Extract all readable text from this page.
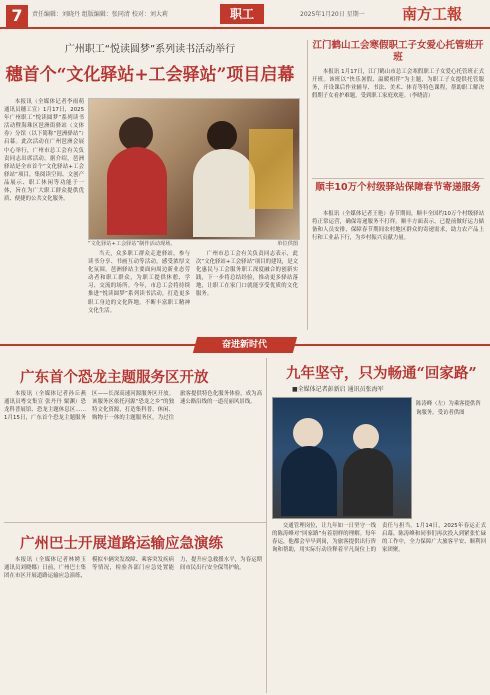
7	责任编辑：刘晓丹 组版编辑：张同清 校对：刘大莉	职工	2025年1月20日 星期一 南方工報
广州职工“悦读圆梦”系列读书活动举行
穗首个“文化驿站+工会驿站”项目启幕

本报讯（全媒体记者李雨萌 通讯员穗工宣）1月17日，2025年广州职工“悦读圆梦”系列读书活动暨海珠区琶洲街驿站（文体券）分馆（以下简称“琶洲驿站”）启幕。此次活动在广州琶洲会展中心举行，广州市总工会有关负责同志出席活动。据介绍，琶洲驿站是全市首个“文化驿站+工会驿站”项目，集阅读空间、文创产品展示、职工休闲等功能于一体，旨在为广大职工群众提供优质、便捷的公共文化服务。

“文化驿站+工会驿站”制作活动现场。	单位供图

当天，众多职工群众走进驿站，参与读书分享、书画互动等活动，感受浓厚文化氛围。琶洲驿站主要面向周边新业态劳动者和职工群众，为职工提供休憩、学习、交流的场所。今年，市总工会将持续推进“悦读圆梦”系列读书活动，打造更多职工身边的文化阵地，不断丰富职工精神文化生活。

广州市总工会有关负责同志表示，此次“文化驿站+工会驿站”项目的建设，是文化惠民与工会服务职工深度融合的创新实践，下一步将总结经验，推动更多驿站落地，让职工在家门口就能享受优质的文化服务。

江门鹤山工会寒假职工子女爱心托管班开班

本报讯 1月17日，江门鹤山市总工会寒假职工子女爱心托管班正式开班。该班以“快乐暑假、温暖相伴”为主题，为职工子女提供托管服务，开设课后作业辅导、书法、美术、体育等特色课程，帮助职工解决假期子女看护难题，受到职工家庭欢迎。（李晓清）

顺丰10万个村级驿站保障春节寄递服务

本报讯（全媒体记者王艳）春节期间，顺丰全国约10万个村级驿站将正常运营，确保寄递服务不打烊。顺丰方面表示，已提前做好运力储备和人员安排，保障春节期间农村地区群众的寄递需求，助力农产品上行和工业品下行，为乡村振兴贡献力量。

奋进新时代
广东首个恐龙主题服务区开放

本报讯（全媒体记者孙丘燕 通讯员粤交集宣 张丹丹 粟渊）恐龙科普展馆、恐龙主题休息区……1月15日，广东首个恐龙主题服务区——长深高速河源服务区开放。该服务区依托河源“恐龙之乡”的独特文化资源，打造集科普、休闲、购物于一体的主题服务区，为过往旅客提供特色化服务体验，成为高速公路沿线的一道亮丽风景线。

广州巴士开展道路运输应急演练

本报讯（全媒体记者林娉玉 通讯员刘晓娜）日前，广州巴士集团在市区开展道路运输应急演练，模拟车辆突发故障、乘客突发疾病等情况，检验各部门应急处置能力，提升应急救援水平，为春运期间市民出行安全保驾护航。

九年坚守，只为畅通“回家路”
■全媒体记者彭新启 通讯员张海军
陈涛峰（左）为乘客提供咨询服务。受访者供图

交通管理岗位，让九年如一日坚守一线的陈涛峰对“回家路”有着别样的理解。每年春运，他都会早早到岗，为旅客提供出行咨询和帮助，用实际行动诠释着平凡岗位上的责任与担当。1月14日，2025年春运正式启幕，陈涛峰和同事们再次投入到紧张忙碌的工作中，全力保障广大旅客平安、顺利回家团聚。
